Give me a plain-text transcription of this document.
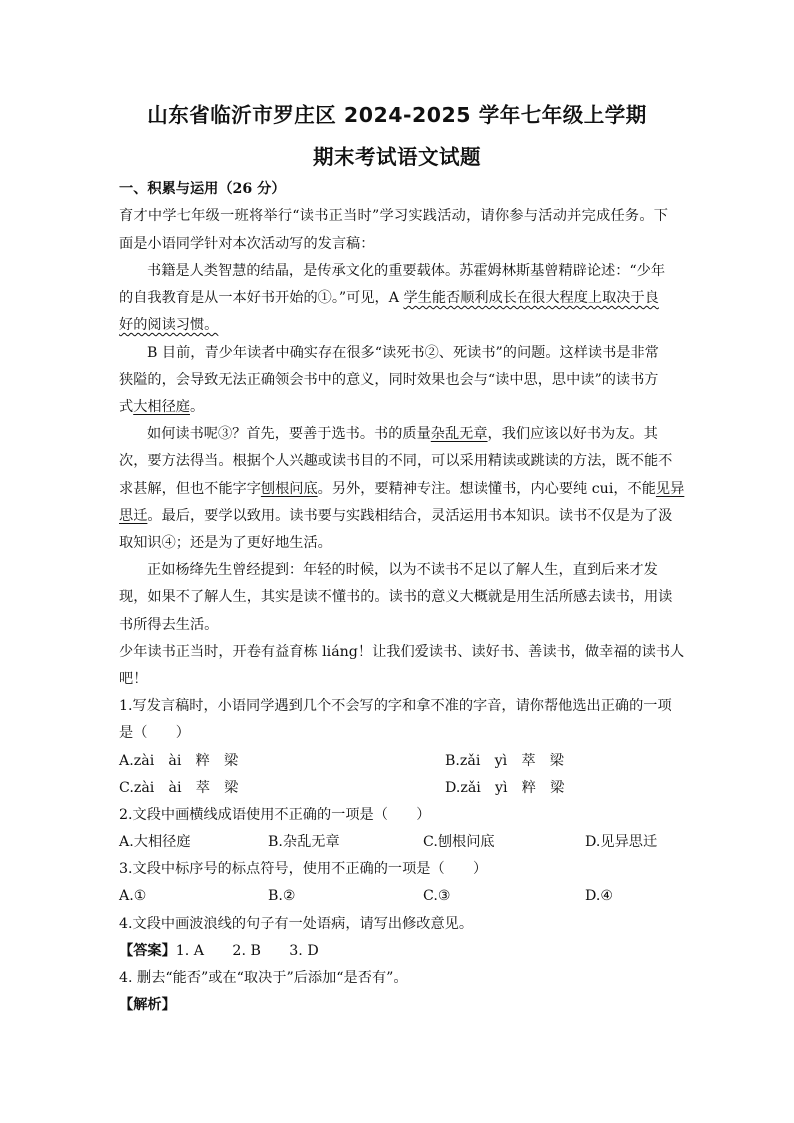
山东省临沂市罗庄区 2024-2025 学年七年级上学期
期末考试语文试题
一、积累与运用（26 分）
育才中学七年级一班将举行“读书正当时”学习实践活动，请你参与活动并完成任务。下
面是小语同学针对本次活动写的发言稿：
书籍是人类智慧的结晶，是传承文化的重要载体。苏霍姆林斯基曾精辟论述：“少年
的自我教育是从一本好书开始的①。”可见，A 学生能否顺利成长在很大程度上取决于良
好的阅读习惯。
B 目前，青少年读者中确实存在很多“读死书②、死读书”的问题。这样读书是非常
狭隘的，会导致无法正确领会书中的意义，同时效果也会与“读中思，思中读”的读书方
式大相径庭。
如何读书呢③？首先，要善于选书。书的质量杂乱无章，我们应该以好书为友。其
次，要方法得当。根据个人兴趣或读书目的不同，可以采用精读或跳读的方法，既不能不
求甚解，但也不能字字刨根问底。另外，要精神专注。想读懂书，内心要纯 cui，不能见异
思迁。最后，要学以致用。读书要与实践相结合，灵活运用书本知识。读书不仅是为了汲
取知识④；还是为了更好地生活。
正如杨绛先生曾经提到：年轻的时候，以为不读书不足以了解人生，直到后来才发
现，如果不了解人生，其实是读不懂书的。读书的意义大概就是用生活所感去读书，用读
书所得去生活。
少年读书正当时，开卷有益育栋 liáng！让我们爱读书、读好书、善读书，做幸福的读书人
吧！
1.写发言稿时，小语同学遇到几个不会写的字和拿不准的字音，请你帮他选出正确的一项
是（　　）
A.zài　ài　粹　梁	B.zǎi　yì　萃　梁
C.zài　ài　萃　梁	D.zǎi　yì　粹　梁
2.文段中画横线成语使用不正确的一项是（　　）
A.大相径庭	B.杂乱无章	C.刨根问底	D.见异思迁
3.文段中标序号的标点符号，使用不正确的一项是（　　）
A.①	B.②	C.③	D.④
4.文段中画波浪线的句子有一处语病，请写出修改意见。
【答案】1. A　　2. B　　3. D
4. 删去“能否”或在“取决于”后添加“是否有”。
【解析】
